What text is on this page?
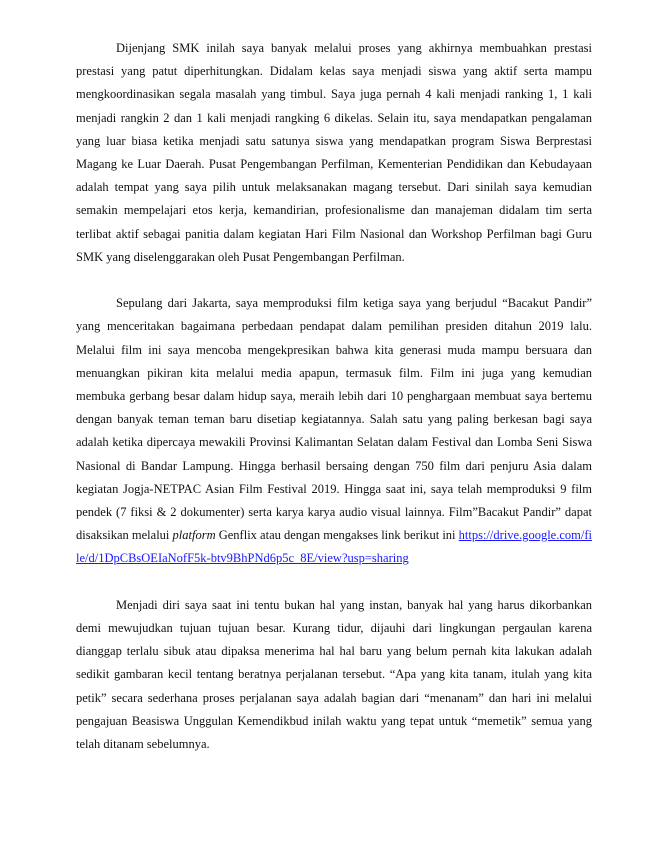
Dijenjang SMK inilah saya banyak melalui proses yang akhirnya membuahkan prestasi prestasi yang patut diperhitungkan. Didalam kelas saya menjadi siswa yang aktif serta mampu mengkoordinasikan segala masalah yang timbul. Saya juga pernah 4 kali menjadi ranking 1, 1 kali menjadi rangkin 2 dan 1 kali menjadi rangking 6 dikelas. Selain itu, saya mendapatkan pengalaman yang luar biasa ketika menjadi satu satunya siswa yang mendapatkan program Siswa Berprestasi Magang ke Luar Daerah. Pusat Pengembangan Perfilman, Kementerian Pendidikan dan Kebudayaan adalah tempat yang saya pilih untuk melaksanakan magang tersebut. Dari sinilah saya kemudian semakin mempelajari etos kerja, kemandirian, profesionalisme dan manajeman didalam tim serta terlibat aktif sebagai panitia dalam kegiatan Hari Film Nasional dan Workshop Perfilman bagi Guru SMK yang diselenggarakan oleh Pusat Pengembangan Perfilman.

Sepulang dari Jakarta, saya memproduksi film ketiga saya yang berjudul “Bacakut Pandir” yang menceritakan bagaimana perbedaan pendapat dalam pemilihan presiden ditahun 2019 lalu. Melalui film ini saya mencoba mengekpresikan bahwa kita generasi muda mampu bersuara dan menuangkan pikiran kita melalui media apapun, termasuk film. Film ini juga yang kemudian membuka gerbang besar dalam hidup saya, meraih lebih dari 10 penghargaan membuat saya bertemu dengan banyak teman teman baru disetiap kegiatannya. Salah satu yang paling berkesan bagi saya adalah ketika dipercaya mewakili Provinsi Kalimantan Selatan dalam Festival dan Lomba Seni Siswa Nasional di Bandar Lampung. Hingga berhasil bersaing dengan 750 film dari penjuru Asia dalam kegiatan Jogja-NETPAC Asian Film Festival 2019. Hingga saat ini, saya telah memproduksi 9 film pendek (7 fiksi & 2 dokumenter) serta karya karya audio visual lainnya. Film”Bacakut Pandir” dapat disaksikan melalui platform Genflix atau dengan mengakses link berikut ini https://drive.google.com/file/d/1DpCBsOEIaNofF5k-btv9BhPNd6p5c_8E/view?usp=sharing

Menjadi diri saya saat ini tentu bukan hal yang instan, banyak hal yang harus dikorbankan demi mewujudkan tujuan tujuan besar. Kurang tidur, dijauhi dari lingkungan pergaulan karena dianggap terlalu sibuk atau dipaksa menerima hal hal baru yang belum pernah kita lakukan adalah sedikit gambaran kecil tentang beratnya perjalanan tersebut. “Apa yang kita tanam, itulah yang kita petik” secara sederhana proses perjalanan saya adalah bagian dari “menanam” dan hari ini melalui pengajuan Beasiswa Unggulan Kemendikbud inilah waktu yang tepat untuk “memetik” semua yang telah ditanam sebelumnya.
